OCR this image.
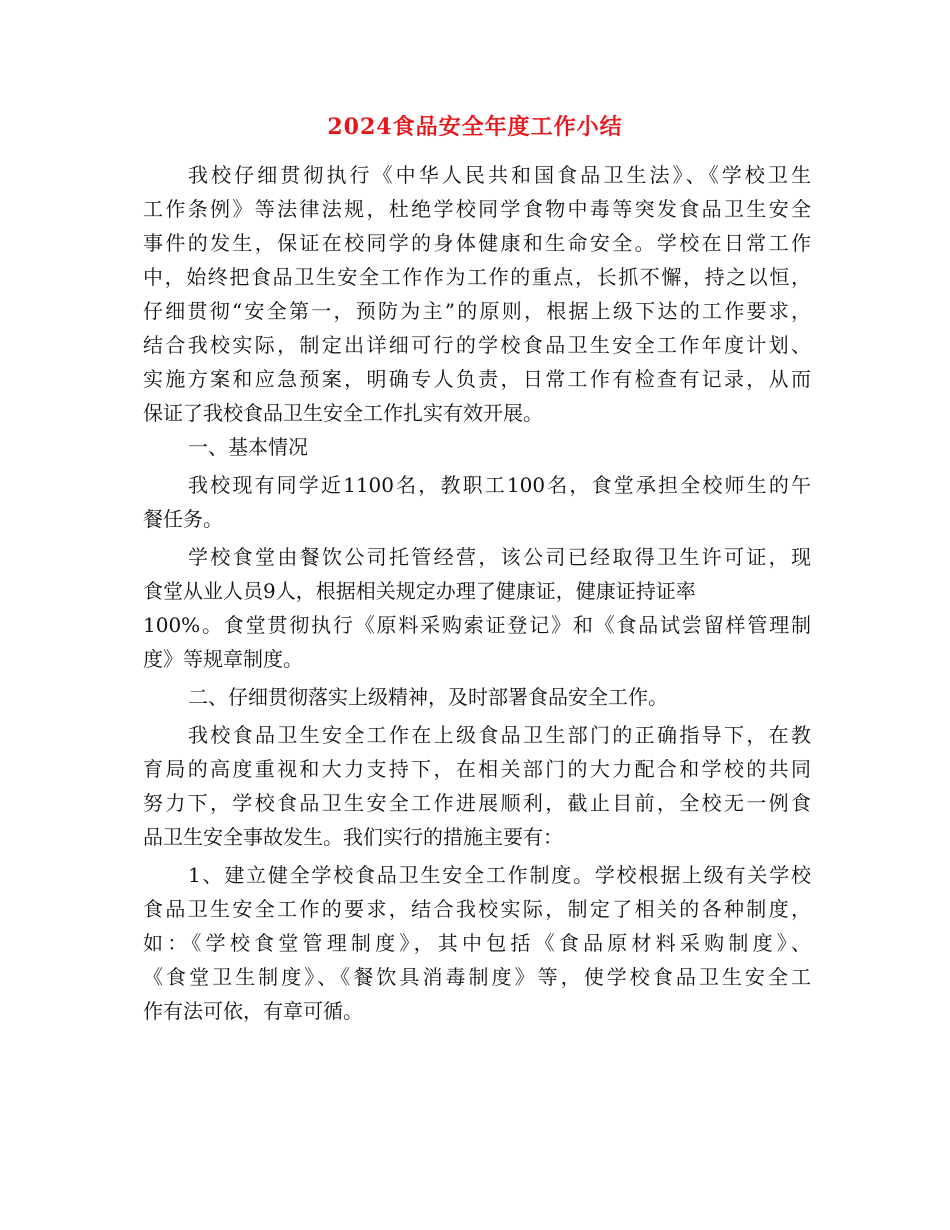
2024食品安全年度工作小结
我校仔细贯彻执行《中华人民共和国食品卫生法》、《学校卫生
工作条例》等法律法规，杜绝学校同学食物中毒等突发食品卫生安全
事件的发生，保证在校同学的身体健康和生命安全。学校在日常工作
中，始终把食品卫生安全工作作为工作的重点，长抓不懈，持之以恒，
仔细贯彻“安全第一，预防为主”的原则，根据上级下达的工作要求，
结合我校实际，制定出详细可行的学校食品卫生安全工作年度计划、
实施方案和应急预案，明确专人负责，日常工作有检查有记录，从而
保证了我校食品卫生安全工作扎实有效开展。
一、基本情况
我校现有同学近1100名，教职工100名，食堂承担全校师生的午
餐任务。
学校食堂由餐饮公司托管经营，该公司已经取得卫生许可证，现
食堂从业人员9人，根据相关规定办理了健康证，健康证持证率
100%。食堂贯彻执行《原料采购索证登记》和《食品试尝留样管理制
度》等规章制度。
二、仔细贯彻落实上级精神，及时部署食品安全工作。
我校食品卫生安全工作在上级食品卫生部门的正确指导下，在教
育局的高度重视和大力支持下，在相关部门的大力配合和学校的共同
努力下，学校食品卫生安全工作进展顺利，截止目前，全校无一例食
品卫生安全事故发生。我们实行的措施主要有：
1、建立健全学校食品卫生安全工作制度。学校根据上级有关学校
食品卫生安全工作的要求，结合我校实际，制定了相关的各种制度，
如：《学校食堂管理制度》，其中包括《食品原材料采购制度》、
《食堂卫生制度》、《餐饮具消毒制度》等，使学校食品卫生安全工
作有法可依，有章可循。
